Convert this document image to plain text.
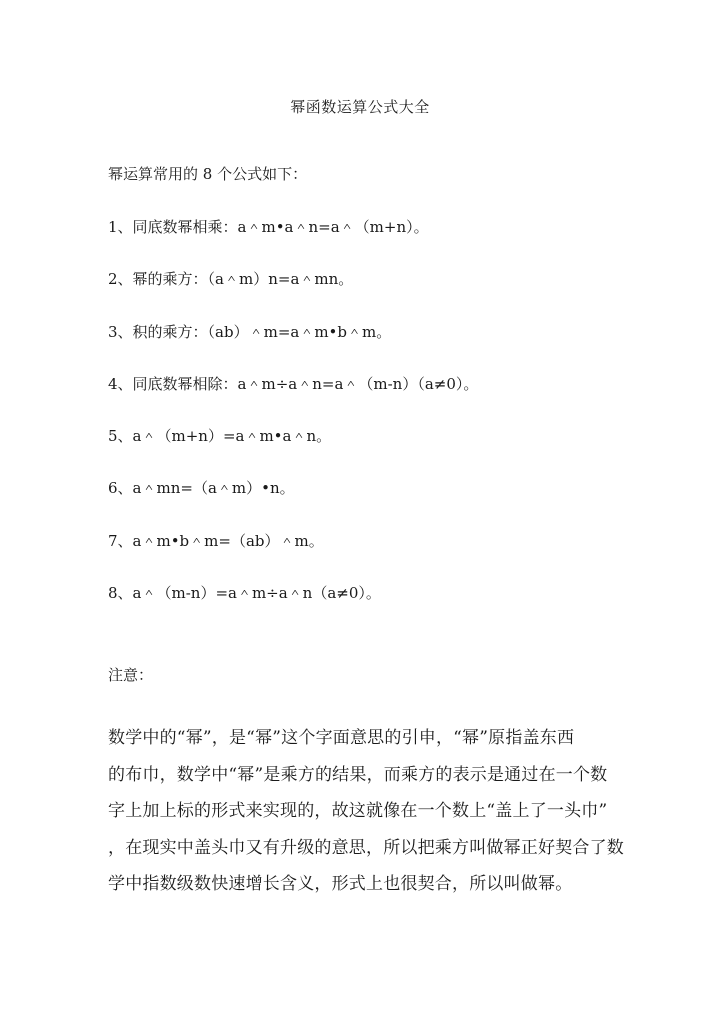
幂函数运算公式大全
幂运算常用的 8 个公式如下：
1、同底数幂相乘：a＾m•a＾n=a＾（m+n）。
2、幂的乘方：（a＾m）n=a＾mn。
3、积的乘方：（ab）＾m=a＾m•b＾m。
4、同底数幂相除：a＾m÷a＾n=a＾（m-n）（a≠0）。
5、a＾（m+n）=a＾m•a＾n。
6、a＾mn=（a＾m）•n。
7、a＾m•b＾m=（ab）＾m。
8、a＾（m-n）=a＾m÷a＾n（a≠0）。
注意：
数学中的“幂”，是“幂”这个字面意思的引申，“幂”原指盖东西
的布巾，数学中“幂”是乘方的结果，而乘方的表示是通过在一个数
字上加上标的形式来实现的，故这就像在一个数上“盖上了一头巾”
，在现实中盖头巾又有升级的意思，所以把乘方叫做幂正好契合了数
学中指数级数快速增长含义，形式上也很契合，所以叫做幂。
